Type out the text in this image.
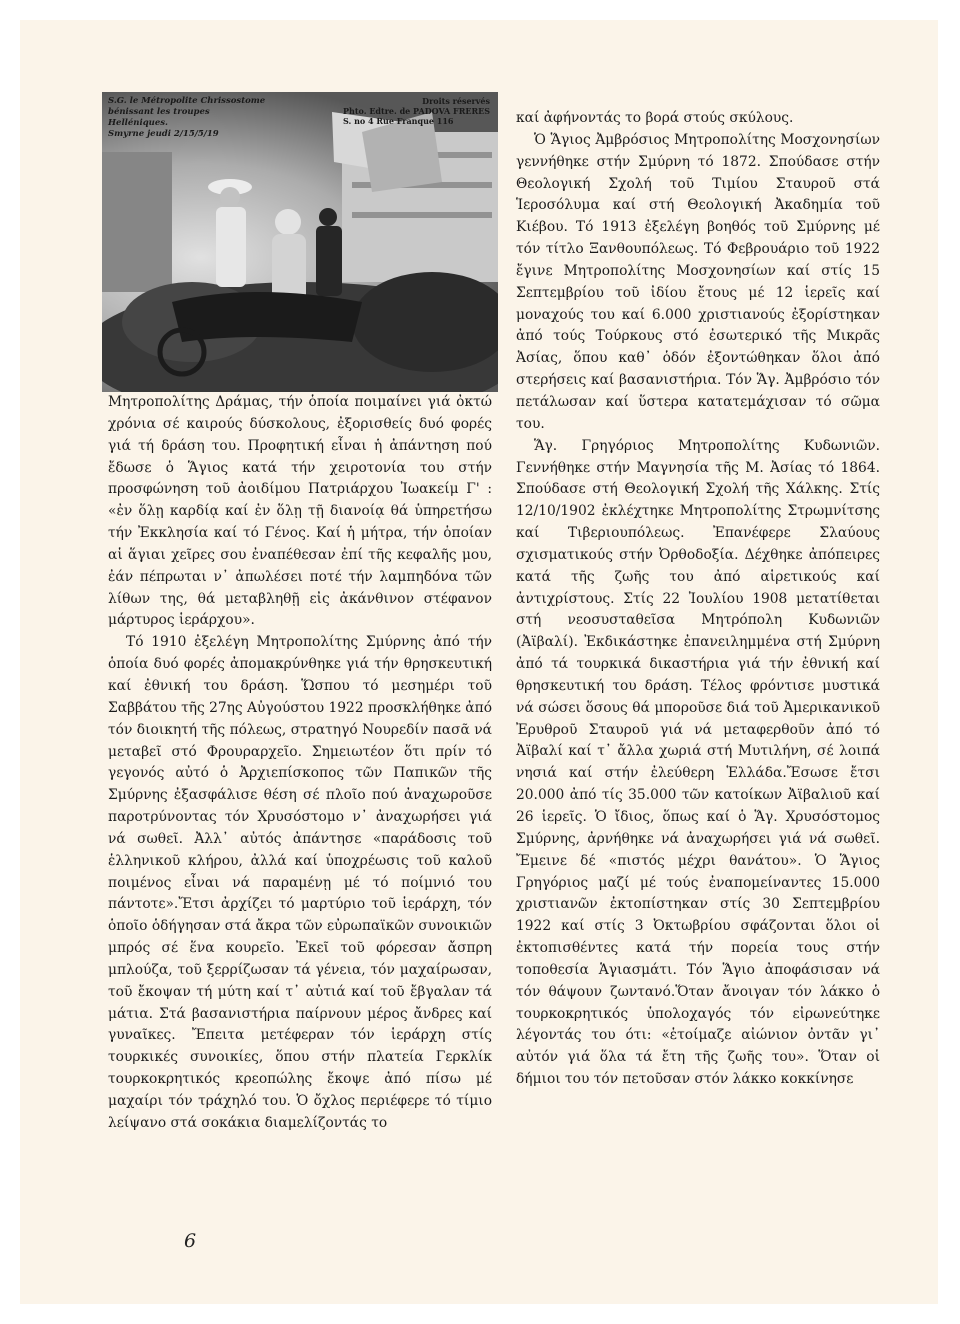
S.G. le Métropolite Chrissostome
bénissant les troupes
Helléniques.
Smyrne jeudi 2/15/5/19
Droits réservés
Phto. Edtre. de PADOVA FRERES
S. no 4 Rue Franque 116

Μητροπολίτης Δράμας, τήν ὁποία ποιμαίνει γιά ὀκτώ χρόνια σέ καιρούς δύσκολους, ἐξορισθείς δυό φορές γιά τή δράση του. Προφητική εἶναι ἡ ἀπάντηση πού ἔδωσε ὁ Ἅγιος κατά τήν χειροτονία του στήν προσφώνηση τοῦ ἀοιδίμου Πατριάρχου Ἰωακείμ Γ' : «ἐν ὅλῃ καρδίᾳ καί ἐν ὅλῃ τῇ διανοίᾳ θά ὑπηρετήσω τήν Ἐκκλησία καί τό Γένος. Καί ἡ μήτρα, τήν ὁποίαν αἱ ἅγιαι χεῖρες σου ἐναπέθεσαν ἐπί τῆς κεφαλῆς μου, ἐάν πέπρωται ν᾽ ἀπωλέσει ποτέ τήν λαμπηδόνα τῶν λίθων της, θά μεταβληθῇ εἰς ἀκάνθινον στέφανον μάρτυρος ἱεράρχου».

Τό 1910 ἐξελέγη Μητροπολίτης Σμύρνης ἀπό τήν ὁποία δυό φορές ἀπομακρύνθηκε γιά τήν θρησκευτική καί ἐθνική του δράση. Ὥσπου τό μεσημέρι τοῦ Σαββάτου τῆς 27ης Αὐγούστου 1922 προσκλήθηκε ἀπό τόν διοικητή τῆς πόλεως, στρατηγό Νουρεδίν πασᾶ νά μεταβεῖ στό Φρουραρχεῖο. Σημειωτέον ὅτι πρίν τό γεγονός αὐτό ὁ Ἀρχιεπίσκοπος τῶν Παπικῶν τῆς Σμύρνης ἐξασφάλισε θέση σέ πλοῖο πού ἀναχωροῦσε παροτρύνοντας τόν Χρυσόστομο ν᾽ ἀναχωρήσει γιά νά σωθεῖ. Ἀλλ᾽ αὐτός ἀπάντησε «παράδοσις τοῦ ἑλληνικοῦ κλήρου, ἀλλά καί ὑποχρέωσις τοῦ καλοῦ ποιμένος εἶναι νά παραμένῃ μέ τό ποίμνιό του πάντοτε».Ἔτσι ἀρχίζει τό μαρτύριο τοῦ ἱεράρχη, τόν ὁποῖο ὁδήγησαν στά ἄκρα τῶν εὐρωπαϊκῶν συνοικιῶν μπρός σέ ἕνα κουρεῖο. Ἐκεῖ τοῦ φόρεσαν ἄσπρη μπλούζα, τοῦ ξερρίζωσαν τά γένεια, τόν μαχαίρωσαν, τοῦ ἔκοψαν τή μύτη καί τ᾽ αὐτιά καί τοῦ ἔβγαλαν τά μάτια. Στά βασανιστήρια παίρνουν μέρος ἄνδρες καί γυναῖκες. Ἔπειτα μετέφεραν τόν ἱεράρχη στίς τουρκικές συνοικίες, ὅπου στήν πλατεία Γερκλίκ τουρκοκρητικός κρεοπώλης ἔκοψε ἀπό πίσω μέ μαχαίρι τόν τράχηλό του. Ὁ ὄχλος περιέφερε τό τίμιο λείψανο στά σοκάκια διαμελίζοντάς το

καί ἀφήνοντάς το βορά στούς σκύλους.

Ὁ Ἅγιος Ἀμβρόσιος Μητροπολίτης Μοσχονησίων γεννήθηκε στήν Σμύρνη τό 1872. Σπούδασε στήν Θεολογική Σχολή τοῦ Τιμίου Σταυροῦ στά Ἱεροσόλυμα καί στή Θεολογική Ἀκαδημία τοῦ Κιέβου. Τό 1913 ἐξελέγη βοηθός τοῦ Σμύρνης μέ τόν τίτλο Ξανθουπόλεως. Τό Φεβρουάριο τοῦ 1922 ἔγινε Μητροπολίτης Μοσχονησίων καί στίς 15 Σεπτεμβρίου τοῦ ἰδίου ἔτους μέ 12 ἱερεῖς καί μοναχούς του καί 6.000 χριστιανούς ἐξορίστηκαν ἀπό τούς Τούρκους στό ἐσωτερικό τῆς Μικρᾶς Ἀσίας, ὅπου καθ᾽ ὁδόν ἐξοντώθηκαν ὅλοι ἀπό στερήσεις καί βασανιστήρια. Τόν Ἅγ. Ἀμβρόσιο τόν πετάλωσαν καί ὕστερα κατατεμάχισαν τό σῶμα του.

Ἅγ. Γρηγόριος Μητροπολίτης Κυδωνιῶν. Γεννήθηκε στήν Μαγνησία τῆς Μ. Ἀσίας τό 1864. Σπούδασε στή Θεολογική Σχολή τῆς Χάλκης. Στίς 12/10/1902 ἐκλέχτηκε Μητροπολίτης Στρωμνίτσης καί Τιβεριουπόλεως. Ἐπανέφερε Σλαύους σχισματικούς στήν Ὀρθοδοξία. Δέχθηκε ἀπόπειρες κατά τῆς ζωῆς του ἀπό αἱρετικούς καί ἀντιχρίστους. Στίς 22 Ἰουλίου 1908 μετατίθεται στή νεοσυσταθεῖσα Μητρόπολη Κυδωνιῶν (Ἀϊβαλί). Ἐκδικάστηκε ἐπανειλημμένα στή Σμύρνη ἀπό τά τουρκικά δικαστήρια γιά τήν ἐθνική καί θρησκευτική του δράση. Τέλος φρόντισε μυστικά νά σώσει ὅσους θά μποροῦσε διά τοῦ Ἀμερικανικοῦ Ἐρυθροῦ Σταυροῦ γιά νά μεταφερθοῦν ἀπό τό Ἀϊβαλί καί τ᾽ ἄλλα χωριά στή Μυτιλήνη, σέ λοιπά νησιά καί στήν ἐλεύθερη Ἑλλάδα.Ἔσωσε ἔτσι 20.000 ἀπό τίς 35.000 τῶν κατοίκων Ἀϊβαλιοῦ καί 26 ἱερεῖς. Ὁ ἴδιος, ὅπως καί ὁ Ἅγ. Χρυσόστομος Σμύρνης, ἀρνήθηκε νά ἀναχωρήσει γιά νά σωθεῖ. Ἔμεινε δέ «πιστός μέχρι θανάτου». Ὁ Ἅγιος Γρηγόριος μαζί μέ τούς ἐναπομείναντες 15.000 χριστιανῶν ἐκτοπίστηκαν στίς 30 Σεπτεμβρίου 1922 καί στίς 3 Ὀκτωβρίου σφάζονται ὅλοι οἱ ἐκτοπισθέντες κατά τήν πορεία τους στήν τοποθεσία Ἁγιασμάτι. Τόν Ἅγιο ἀποφάσισαν νά τόν θάψουν ζωντανό.Ὅταν ἄνοιγαν τόν λάκκο ὁ τουρκοκρητικός ὑπολοχαγός τόν εἰρωνεύτηκε λέγοντάς του ότι: «ἑτοίμαζε αἰώνιον ὀντᾶν γι᾽ αὐτόν γιά ὅλα τά ἔτη τῆς ζωῆς του». Ὅταν οἱ δήμιοι του τόν πετοῦσαν στόν λάκκο κοκκίνησε

6
